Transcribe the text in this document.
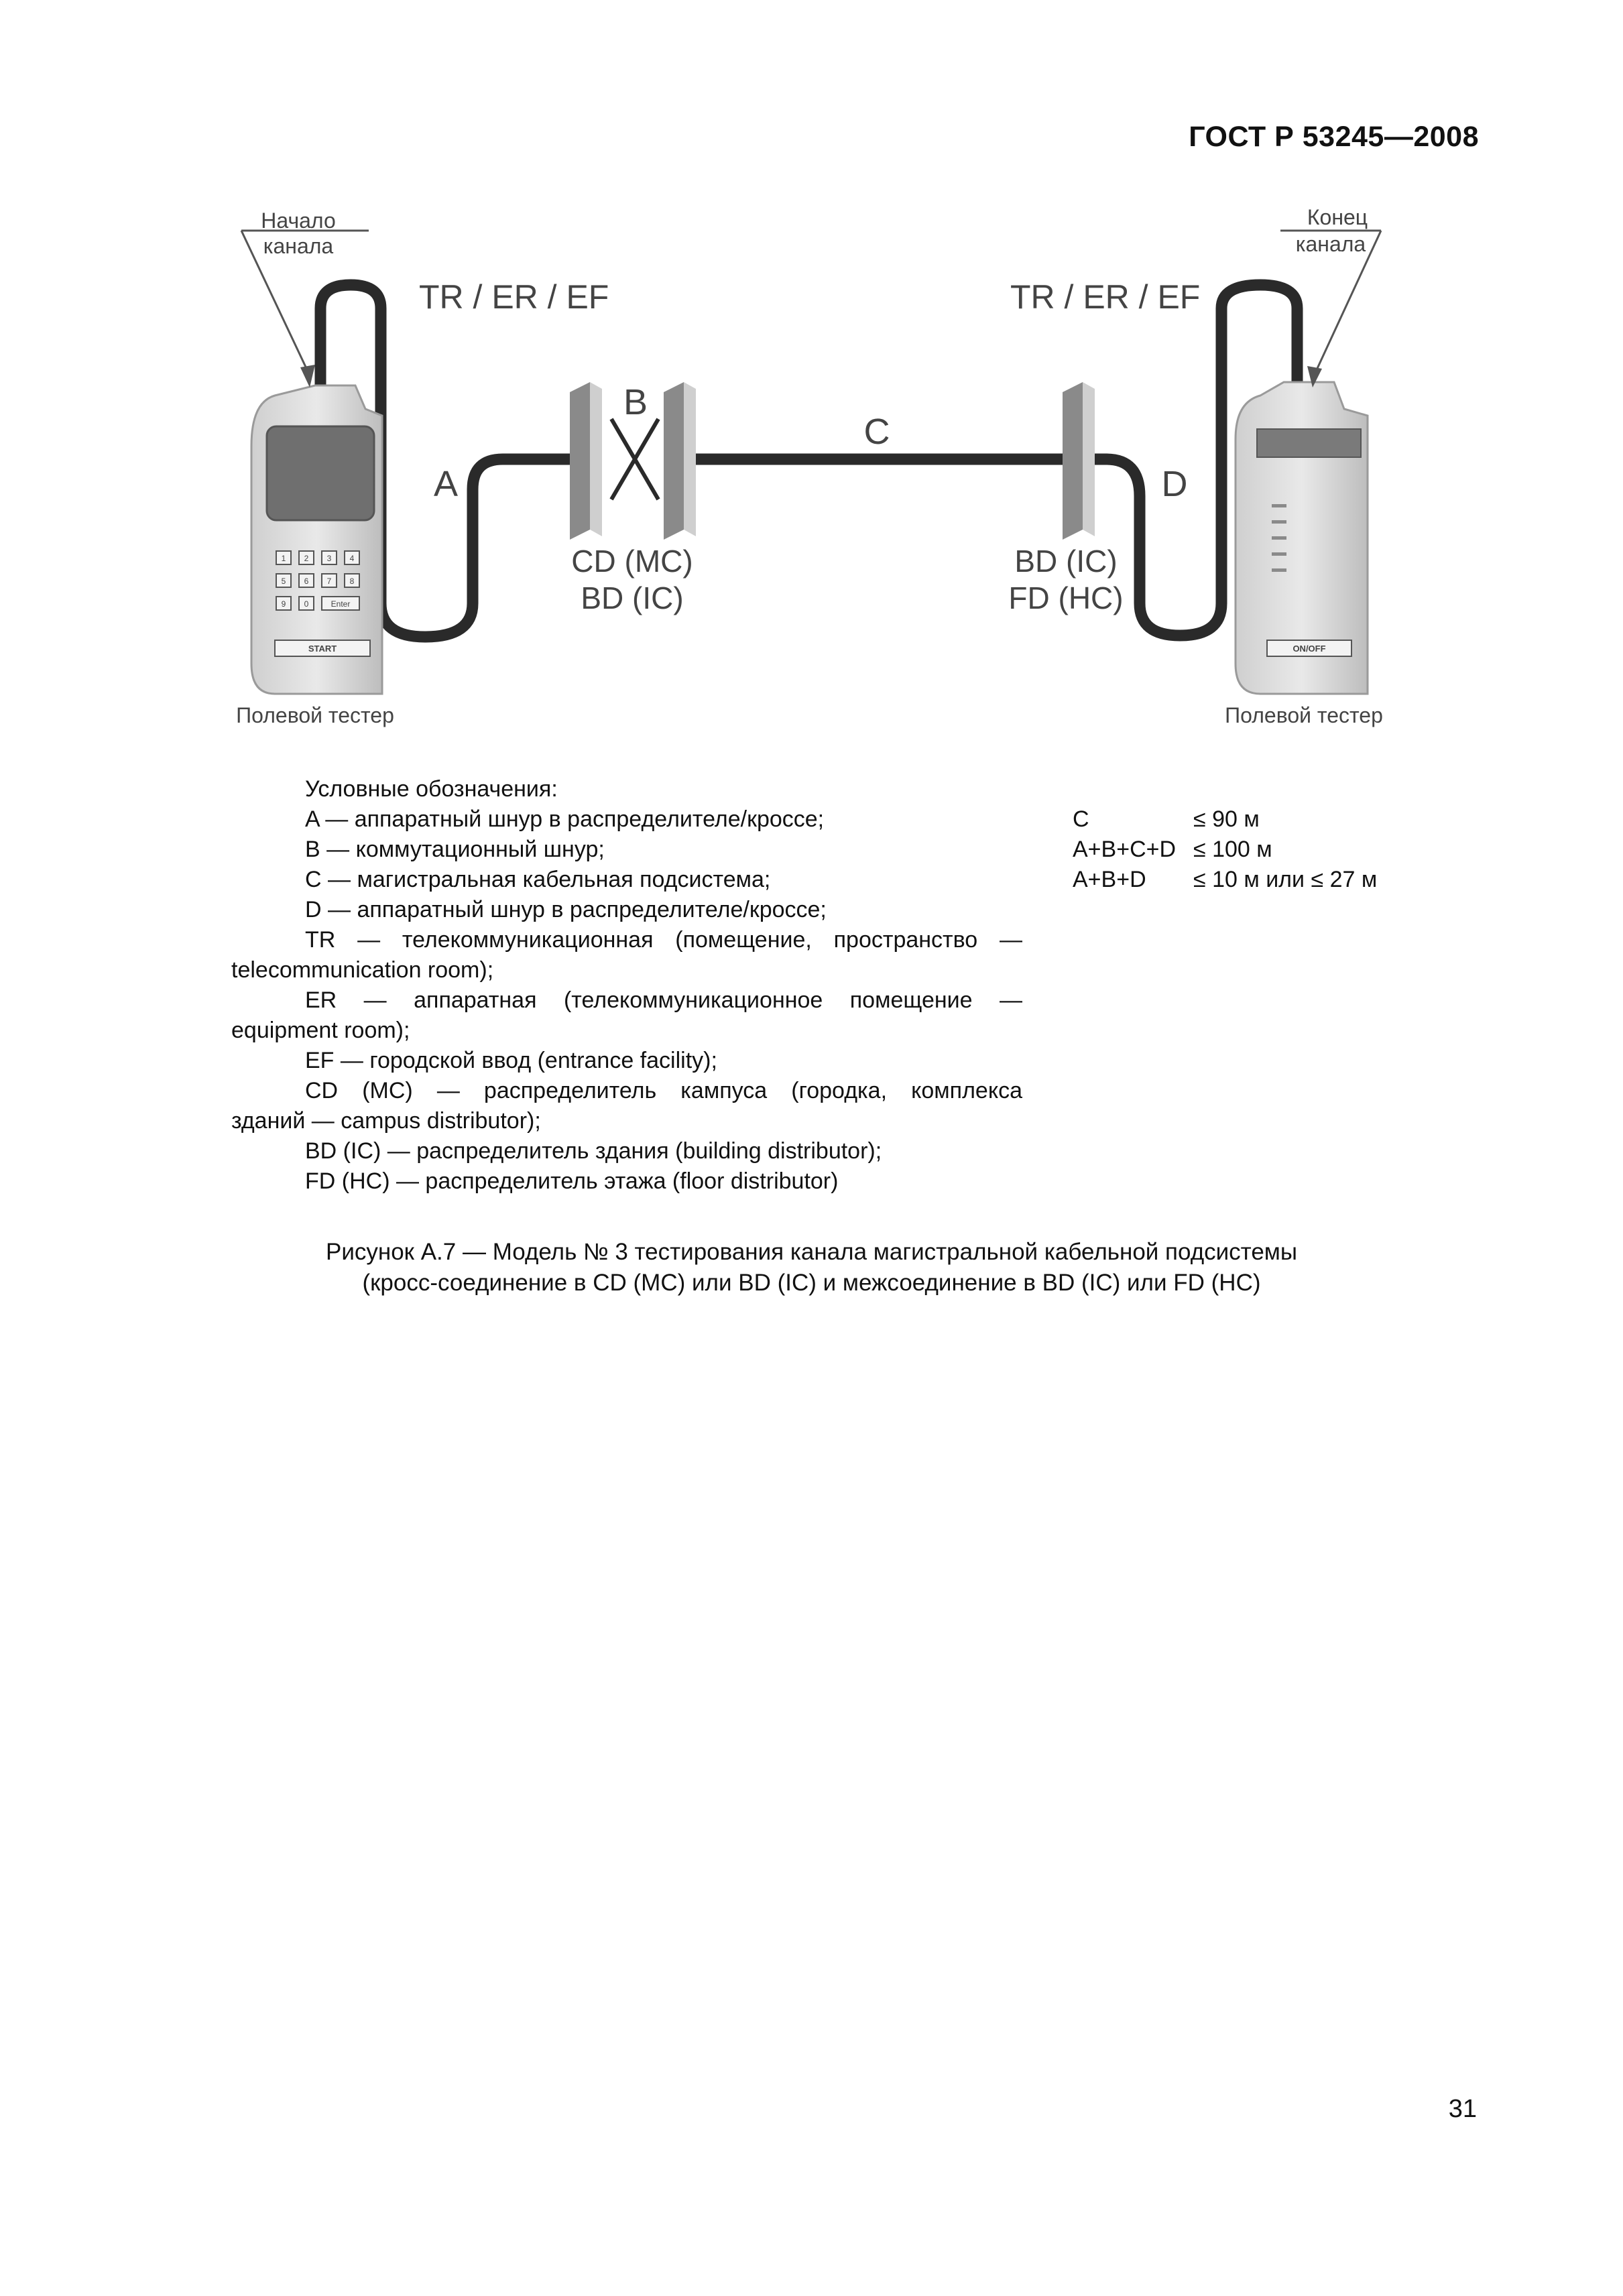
ГОСТ Р 53245—2008
1 2 3 4
5 6 7 8
9 0	Enter
START	ON/OFF
Начало
канала
Конец
канала
TR / ER / EF	TR / ER / EF
A
B
C
D
CD (MC)
BD (IC)
BD (IC)
FD (HC)
Полевой тестер	Полевой тестер
Условные обозначения:
A — аппаратный шнур в распределителе/кроссе;
B — коммутационный шнур;
C — магистральная кабельная подсистема;
D — аппаратный шнур в распределителе/кроссе;
TR — телекоммуникационная (помещение, пространство —
telecommunication room);
ER — аппаратная (телекоммуникационное помещение —
equipment room);
EF — городской ввод (entrance facility);
CD (MC) — распределитель кампуса (городка, комплекса
зданий — campus distributor);
BD (IC) — распределитель здания (building distributor);
FD (HC) — распределитель этажа (floor distributor)
C	≤ 90 м
A+B+C+D ≤ 100 м
A+B+D ≤ 10 м или ≤ 27 м
Рисунок А.7 — Модель № 3 тестирования канала магистральной кабельной подсистемы
(кросс-соединение в CD (MC) или BD (IC) и межсоединение в BD (IC) или FD (HC)
31
